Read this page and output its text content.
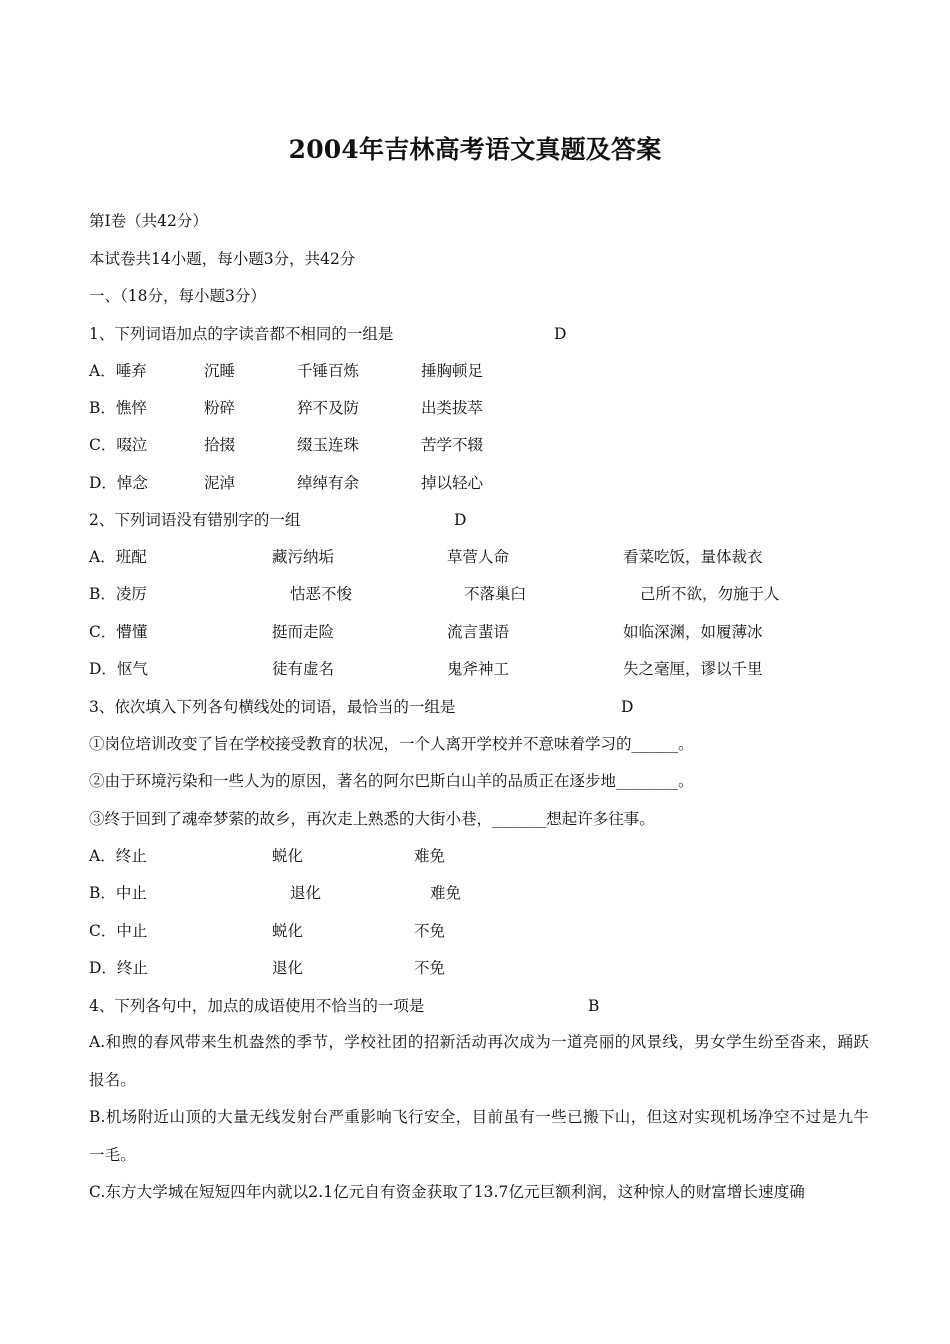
2004年吉林高考语文真题及答案
第Ⅰ卷（共42分）
本试卷共14小题，每小题3分，共42分
一、（18分，每小题3分）
1、下列词语加点的字读音都不相同的一组是	D
A．唾弃	沉睡	千锤百炼	捶胸顿足
B．憔悴	粉碎	猝不及防	出类拔萃
C．啜泣	拾掇	缀玉连珠	苦学不辍
D．悼念	泥淖	绰绰有余	掉以轻心
2、下列词语没有错别字的一组	D
A．班配	藏污纳垢	草菅人命	看菜吃饭，量体裁衣
B．凌厉	怙恶不悛	不落巢臼	己所不欲，勿施于人
C．懵懂	挺而走险	流言蜚语	如临深渊，如履薄冰
D．怄气	徒有虚名	鬼斧神工	失之毫厘，谬以千里
3、依次填入下列各句横线处的词语，最恰当的一组是	D
①岗位培训改变了旨在学校接受教育的状况，一个人离开学校并不意味着学习的______。
②由于环境污染和一些人为的原因，著名的阿尔巴斯白山羊的品质正在逐步地________。
③终于回到了魂牵梦萦的故乡，再次走上熟悉的大街小巷，_______想起许多往事。
A．终止	蜕化	难免
B．中止	退化	难免
C．中止	蜕化	不免
D．终止	退化	不免
4、下列各句中，加点的成语使用不恰当的一项是	B
A.和煦的春风带来生机盎然的季节，学校社团的招新活动再次成为一道亮丽的风景线，男女学生纷至沓来，踊跃报名。
B.机场附近山顶的大量无线发射台严重影响飞行安全，目前虽有一些已搬下山，但这对实现机场净空不过是九牛一毛。
C.东方大学城在短短四年内就以2.1亿元自有资金获取了13.7亿元巨额利润，这种惊人的财富增长速度确
